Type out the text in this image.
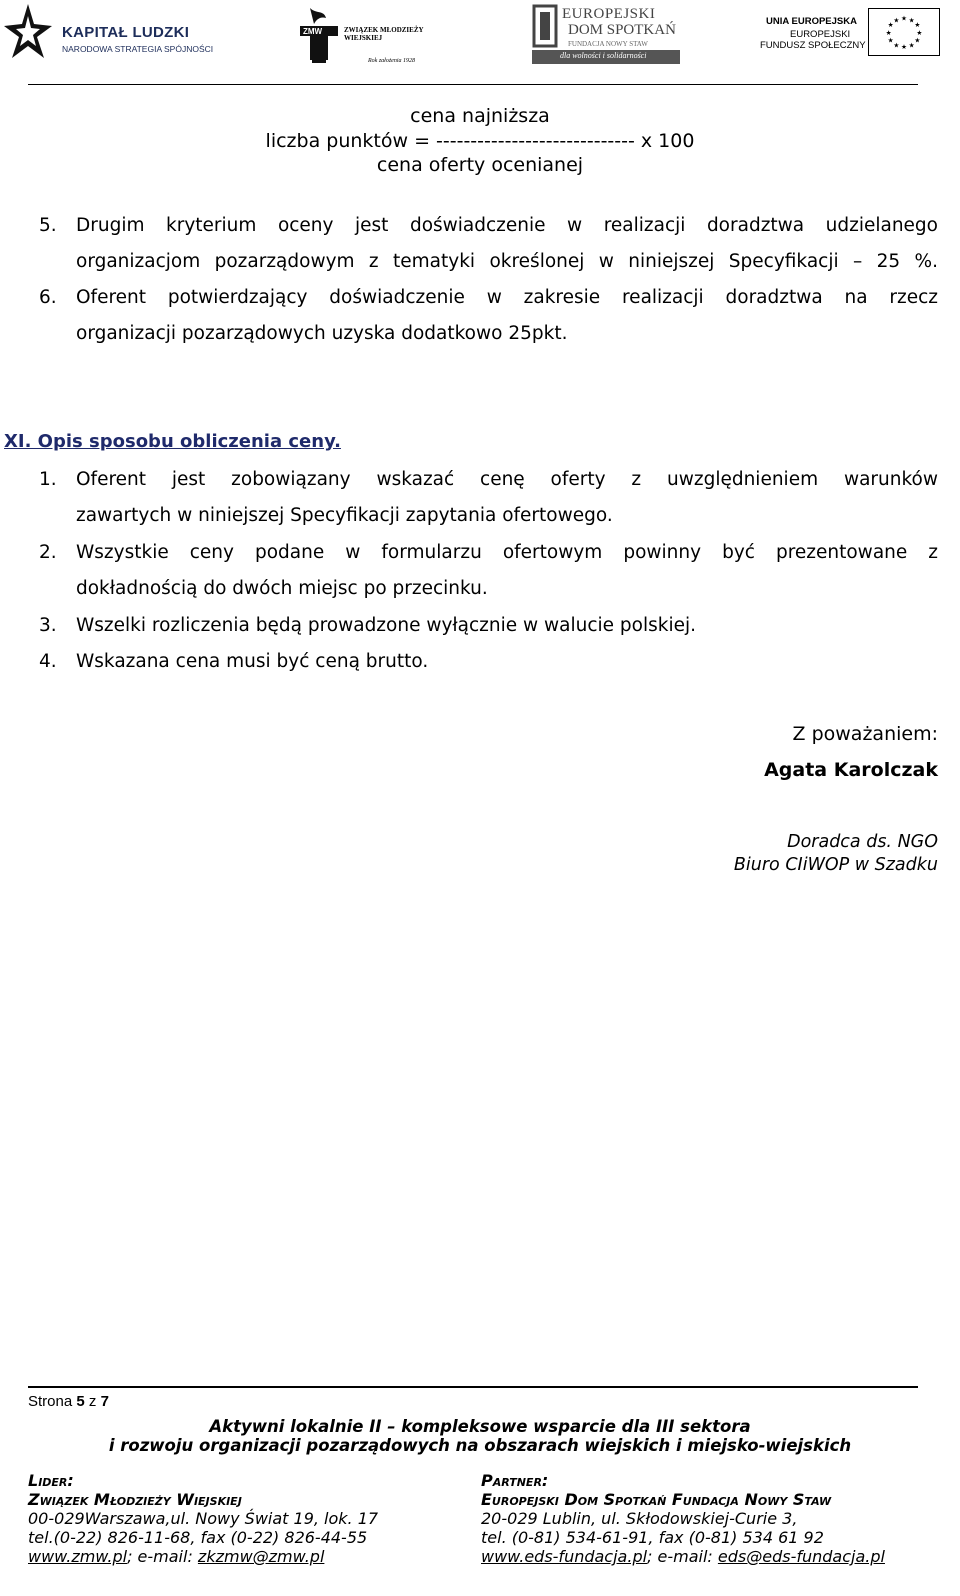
KAPITAŁ LUDZKI
NARODOWA STRATEGIA SPÓJNOŚCI
ZMW	ZWIĄZEK MŁODZIEŻY WIEJSKIEJ
Rok założenia 1928
EUROPEJSKI
DOM SPOTKAŃ
FUNDACJA NOWY STAW
dla wolności i solidarności
UNIA EUROPEJSKA
EUROPEJSKI
FUNDUSZ SPOŁECZNY
★ ★
★
★
★
★
★
★
★
★
★
★
cena najniższa
liczba punktów = ----------------------------- x 100
cena oferty ocenianej
5.	Drugim kryterium oceny jest doświadczenie w realizacji doradztwa udzielanego
organizacjom pozarządowym z tematyki określonej w niniejszej Specyfikacji – 25 %.
6.	Oferent potwierdzający doświadczenie w zakresie realizacji doradztwa na rzecz
organizacji pozarządowych uzyska dodatkowo 25pkt.
XI. Opis sposobu obliczenia ceny.
1.	Oferent jest zobowiązany wskazać cenę oferty z uwzględnieniem warunków
zawartych w niniejszej Specyfikacji zapytania ofertowego.
2.	Wszystkie ceny podane w formularzu ofertowym powinny być prezentowane z
dokładnością do dwóch miejsc po przecinku.
3.	Wszelki rozliczenia będą prowadzone wyłącznie w walucie polskiej.
4.	Wskazana cena musi być ceną brutto.
Z poważaniem:
Agata Karolczak
Doradca ds. NGO
Biuro CIiWOP w Szadku
Strona 5 z 7
Aktywni lokalnie II – kompleksowe wsparcie dla III sektora
i rozwoju organizacji pozarządowych na obszarach wiejskich i miejsko-wiejskich
Lider:
Związek Młodzieży Wiejskiej
00-029Warszawa,ul. Nowy Świat 19, lok. 17
tel.(0-22) 826-11-68, fax (0-22) 826-44-55
www.zmw.pl; e-mail: zkzmw@zmw.pl
Partner:
Europejski Dom Spotkań Fundacja Nowy Staw
20-029 Lublin, ul. Skłodowskiej-Curie 3,
tel. (0-81) 534-61-91, fax (0-81) 534 61 92
www.eds-fundacja.pl; e-mail: eds@eds-fundacja.pl
